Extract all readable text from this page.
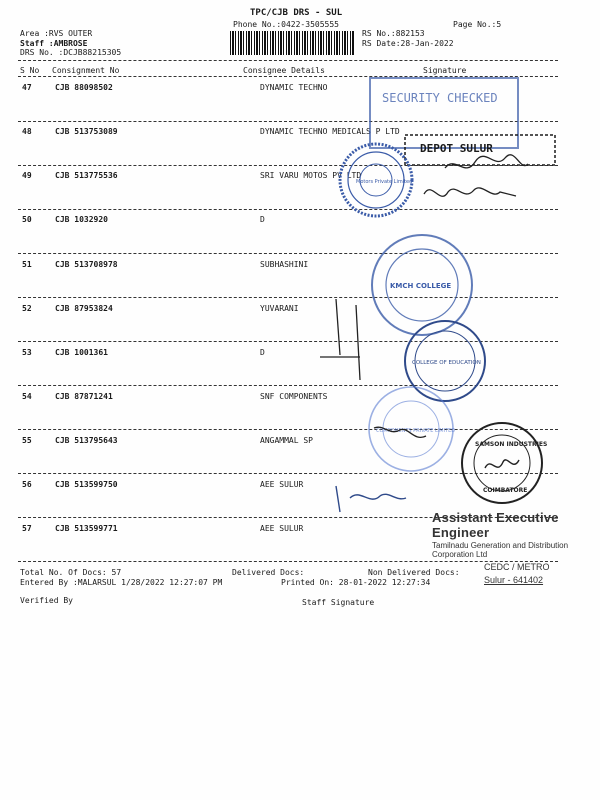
TPC/CJB DRS - SUL
Phone No.:0422-3505555
Area :RVS OUTER
Staff :AMBROSE
DRS No. :DCJB88215305
RS No.:882153
RS Date:28-Jan-2022
Page No.:5
S No Consignment No	Consignee Details	Signature
47	CJB 88098502	DYNAMIC TECHNO
48	CJB 513753089	DYNAMIC TECHNO MEDICALS P LTD
49	CJB 513775536	SRI VARU MOTOS PV LTD
50	CJB 1032920	D
51	CJB 513708978	SUBHASHINI
52	CJB 87953824	YUVARANI
53	CJB 1001361	D
54	CJB 87871241	SNF COMPONENTS
55	CJB 513795643	ANGAMMAL SP
56	CJB 513599750	AEE SULUR
57	CJB 513599771	AEE SULUR
Total No. Of Docs: 57	Delivered Docs:	Non Delivered Docs:
Entered By :MALARSUL 1/28/2022 12:27:07 PM	Printed On: 28-01-2022 12:27:34
Verified By	Staff Signature
SECURITY CHECKED
DEPOT SULUR
Motors Private Limited
KMCH COLLEGE
COLLEGE OF EDUCATION
COMPONENTS PRIVATE LIMITED
SAMSON INDUSTRIES
COIMBATORE
Assistant Executive Engineer
Tamilnadu Generation and Distribution Corporation Ltd
CEDC / METRO
Sulur - 641402
